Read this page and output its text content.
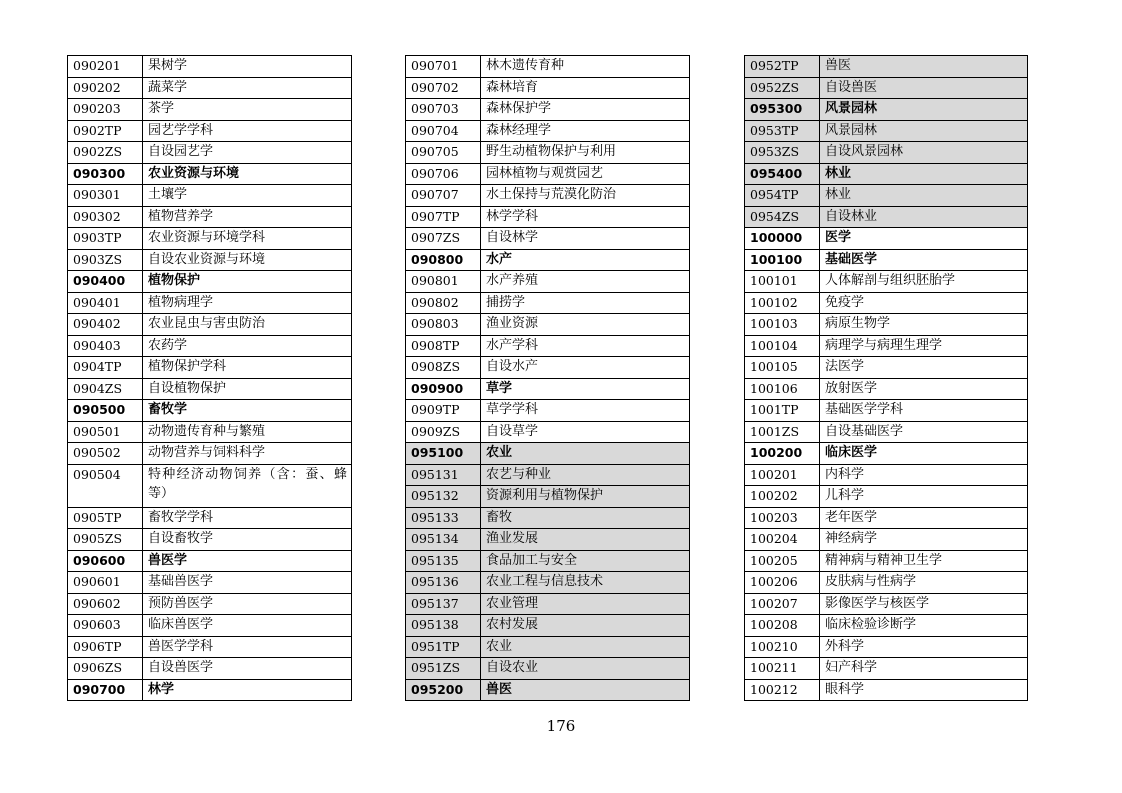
090201	果树学
090202	蔬菜学
090203	茶学
0902TP	园艺学学科
0902ZS	自设园艺学
090300	农业资源与环境
090301	土壤学
090302	植物营养学
0903TP	农业资源与环境学科
0903ZS	自设农业资源与环境
090400	植物保护
090401	植物病理学
090402	农业昆虫与害虫防治
090403	农药学
0904TP	植物保护学科
0904ZS	自设植物保护
090500	畜牧学
090501	动物遗传育种与繁殖
090502	动物营养与饲料科学
090504	特种经济动物饲养（含：蚕、蜂等）
0905TP	畜牧学学科
0905ZS	自设畜牧学
090600	兽医学
090601	基础兽医学
090602	预防兽医学
090603	临床兽医学
0906TP	兽医学学科
0906ZS	自设兽医学
090700	林学
090701	林木遗传育种
090702	森林培育
090703	森林保护学
090704	森林经理学
090705	野生动植物保护与利用
090706	园林植物与观赏园艺
090707	水土保持与荒漠化防治
0907TP	林学学科
0907ZS	自设林学
090800	水产
090801	水产养殖
090802	捕捞学
090803	渔业资源
0908TP	水产学科
0908ZS	自设水产
090900	草学
0909TP	草学学科
0909ZS	自设草学
095100	农业
095131	农艺与种业
095132	资源利用与植物保护
095133	畜牧
095134	渔业发展
095135	食品加工与安全
095136	农业工程与信息技术
095137	农业管理
095138	农村发展
0951TP	农业
0951ZS	自设农业
095200	兽医
0952TP	兽医
0952ZS	自设兽医
095300	风景园林
0953TP	风景园林
0953ZS	自设风景园林
095400	林业
0954TP	林业
0954ZS	自设林业
100000	医学
100100	基础医学
100101	人体解剖与组织胚胎学
100102	免疫学
100103	病原生物学
100104	病理学与病理生理学
100105	法医学
100106	放射医学
1001TP	基础医学学科
1001ZS	自设基础医学
100200	临床医学
100201	内科学
100202	儿科学
100203	老年医学
100204	神经病学
100205	精神病与精神卫生学
100206	皮肤病与性病学
100207	影像医学与核医学
100208	临床检验诊断学
100210	外科学
100211	妇产科学
100212	眼科学
176
